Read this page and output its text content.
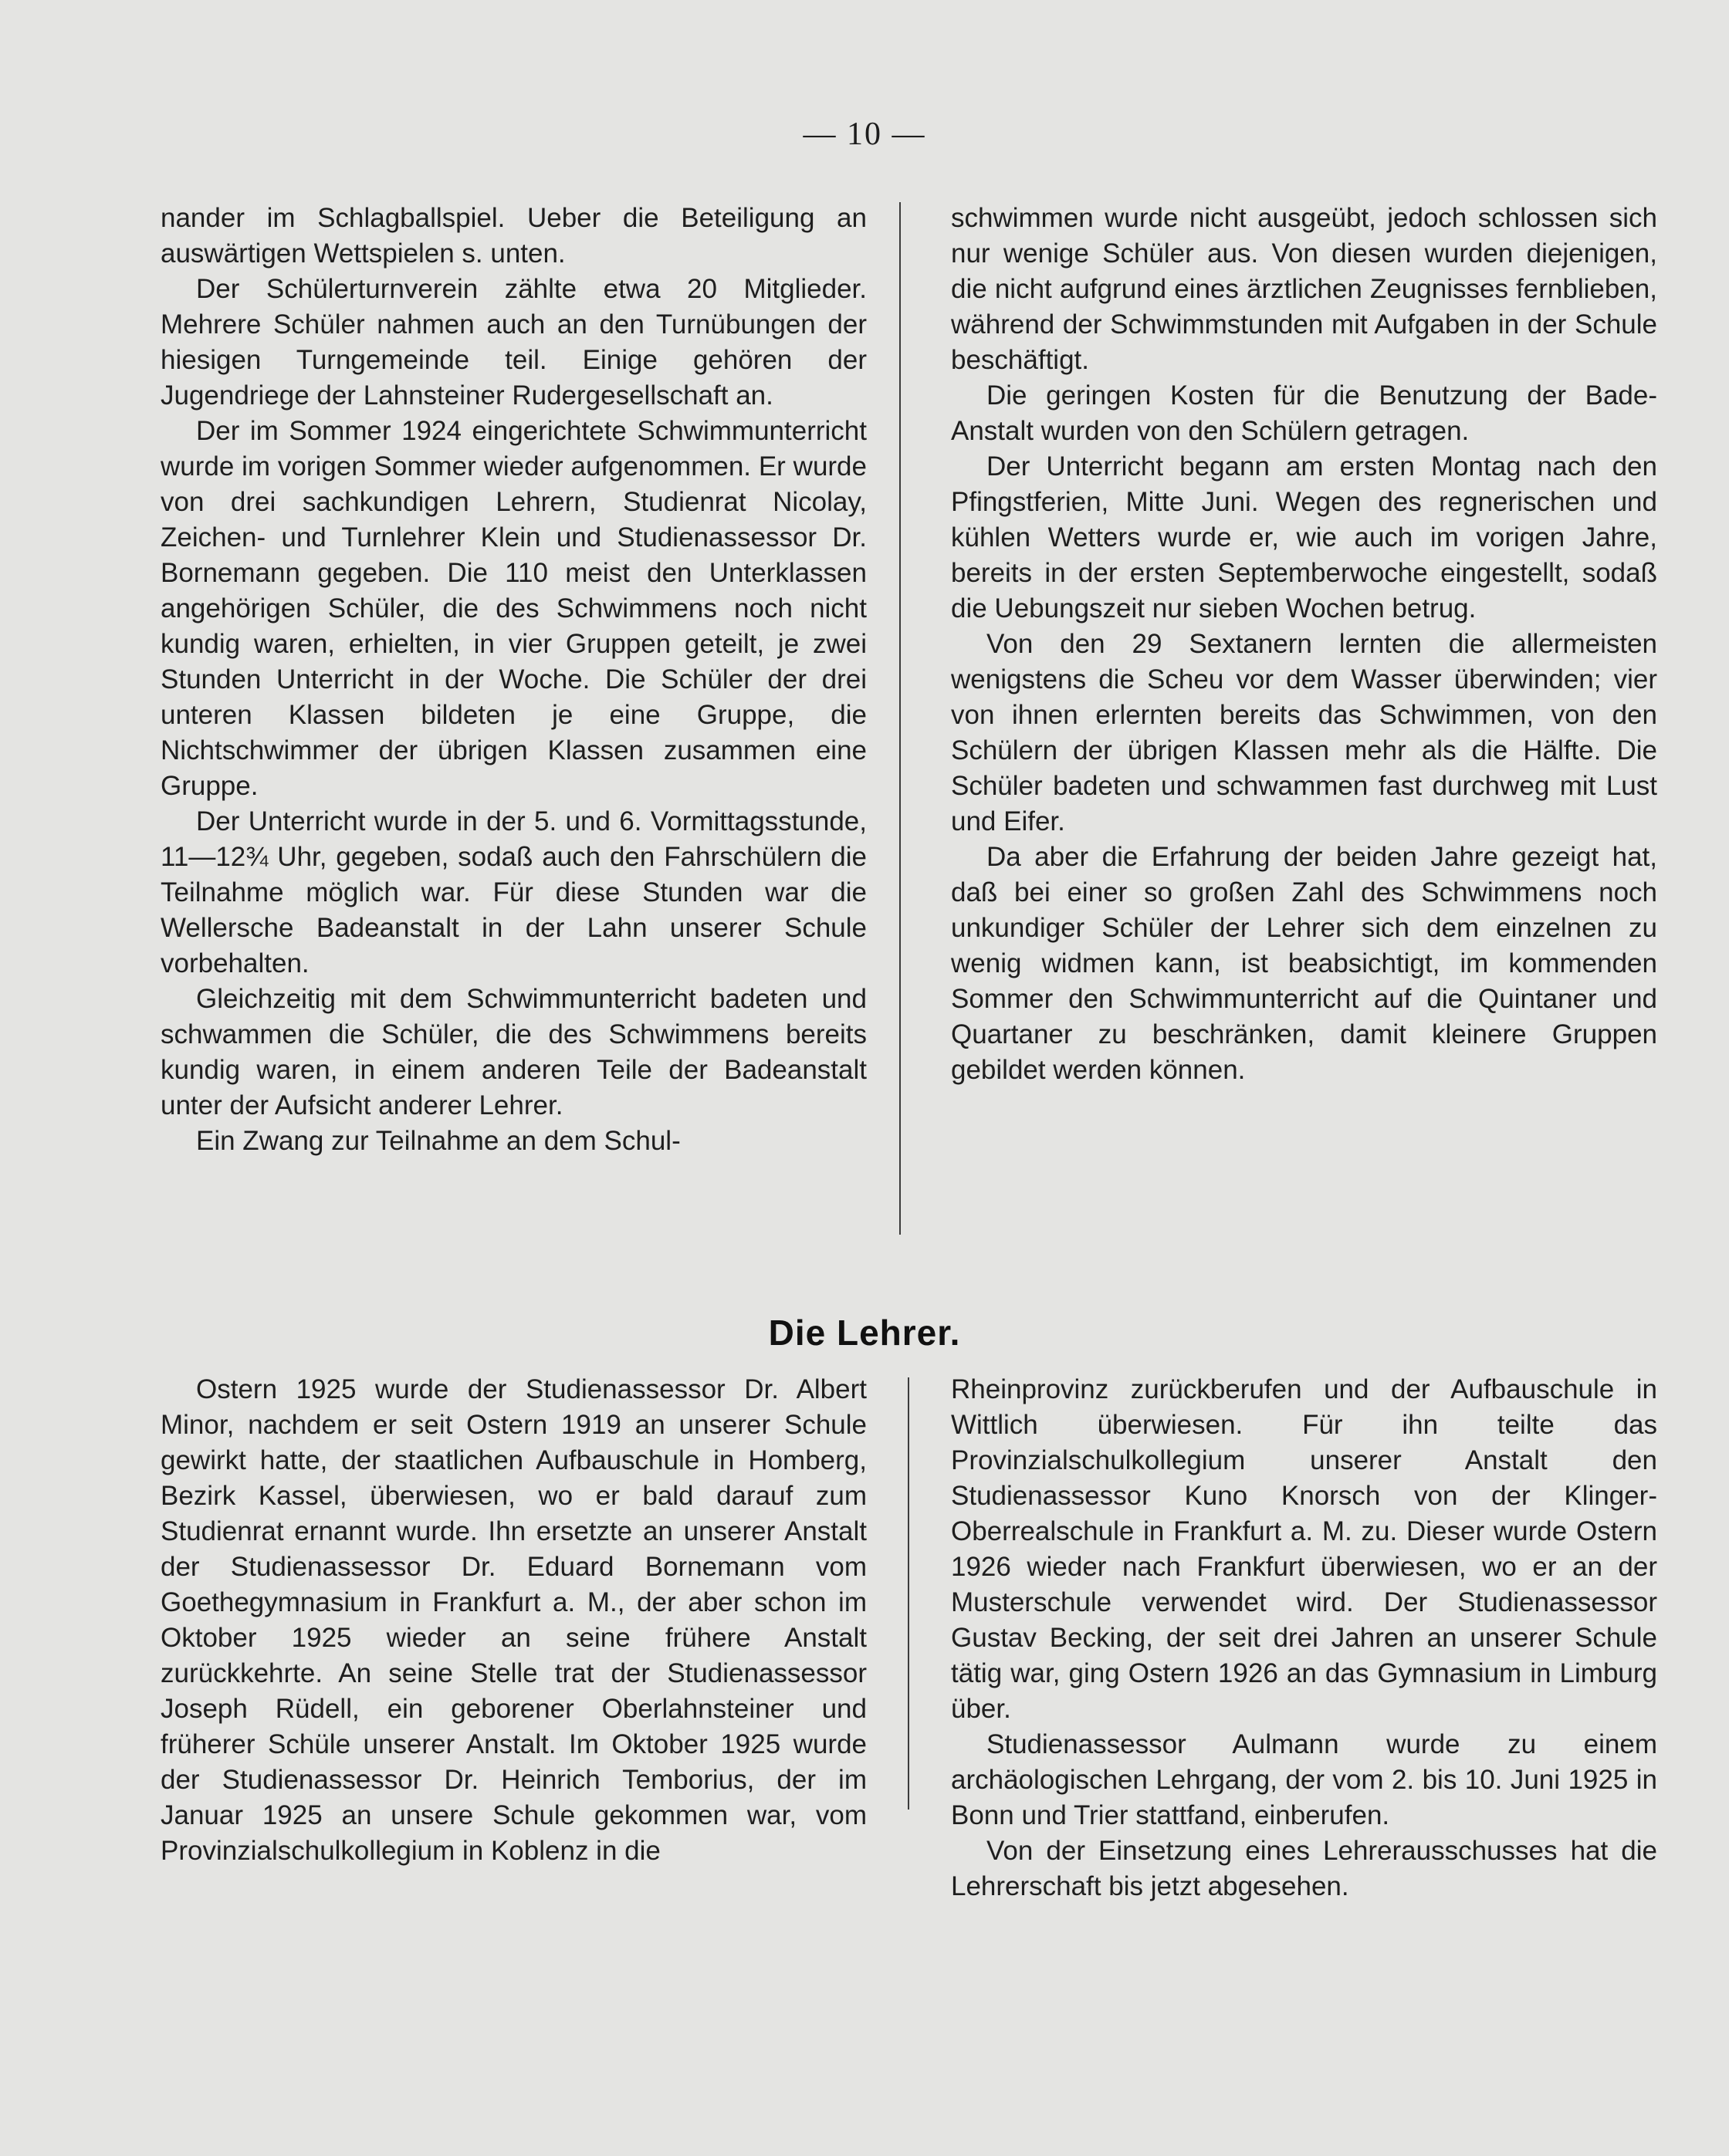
— 10 —

nander im Schlagballspiel. Ueber die Beteiligung an auswärtigen Wettspielen s. unten.

Der Schülerturnverein zählte etwa 20 Mitglieder. Mehrere Schüler nahmen auch an den Turnübungen der hiesigen Turngemeinde teil. Einige gehören der Jugendriege der Lahnsteiner Rudergesellschaft an.

Der im Sommer 1924 eingerichtete Schwimmunterricht wurde im vorigen Sommer wieder aufgenommen. Er wurde von drei sachkundigen Lehrern, Studienrat Nicolay, Zeichen- und Turnlehrer Klein und Studienassessor Dr. Bornemann gegeben. Die 110 meist den Unterklassen angehörigen Schüler, die des Schwimmens noch nicht kundig waren, erhielten, in vier Gruppen geteilt, je zwei Stunden Unterricht in der Woche. Die Schüler der drei unteren Klassen bildeten je eine Gruppe, die Nichtschwimmer der übrigen Klassen zusammen eine Gruppe.

Der Unterricht wurde in der 5. und 6. Vormittagsstunde, 11—12¾ Uhr, gegeben, sodaß auch den Fahrschülern die Teilnahme möglich war. Für diese Stunden war die Wellersche Badeanstalt in der Lahn unserer Schule vorbehalten.

Gleichzeitig mit dem Schwimmunterricht badeten und schwammen die Schüler, die des Schwimmens bereits kundig waren, in einem anderen Teile der Badeanstalt unter der Aufsicht anderer Lehrer.

Ein Zwang zur Teilnahme an dem Schul-

schwimmen wurde nicht ausgeübt, jedoch schlossen sich nur wenige Schüler aus. Von diesen wurden diejenigen, die nicht aufgrund eines ärztlichen Zeugnisses fernblieben, während der Schwimmstunden mit Aufgaben in der Schule beschäftigt.

Die geringen Kosten für die Benutzung der Bade-Anstalt wurden von den Schülern getragen.

Der Unterricht begann am ersten Montag nach den Pfingstferien, Mitte Juni. Wegen des regnerischen und kühlen Wetters wurde er, wie auch im vorigen Jahre, bereits in der ersten Septemberwoche eingestellt, sodaß die Uebungszeit nur sieben Wochen betrug.

Von den 29 Sextanern lernten die allermeisten wenigstens die Scheu vor dem Wasser überwinden; vier von ihnen erlernten bereits das Schwimmen, von den Schülern der übrigen Klassen mehr als die Hälfte. Die Schüler badeten und schwammen fast durchweg mit Lust und Eifer.

Da aber die Erfahrung der beiden Jahre gezeigt hat, daß bei einer so großen Zahl des Schwimmens noch unkundiger Schüler der Lehrer sich dem einzelnen zu wenig widmen kann, ist beabsichtigt, im kommenden Sommer den Schwimmunterricht auf die Quintaner und Quartaner zu beschränken, damit kleinere Gruppen gebildet werden können.

Die Lehrer.

Ostern 1925 wurde der Studienassessor Dr. Albert Minor, nachdem er seit Ostern 1919 an unserer Schule gewirkt hatte, der staatlichen Aufbauschule in Homberg, Bezirk Kassel, überwiesen, wo er bald darauf zum Studienrat ernannt wurde. Ihn ersetzte an unserer Anstalt der Studienassessor Dr. Eduard Bornemann vom Goethegymnasium in Frankfurt a. M., der aber schon im Oktober 1925 wieder an seine frühere Anstalt zurückkehrte. An seine Stelle trat der Studienassessor Joseph Rüdell, ein geborener Oberlahnsteiner und früherer Schüle unserer Anstalt. Im Oktober 1925 wurde der Studienassessor Dr. Heinrich Temborius, der im Januar 1925 an unsere Schule gekommen war, vom Provinzialschulkollegium in Koblenz in die

Rheinprovinz zurückberufen und der Aufbauschule in Wittlich überwiesen. Für ihn teilte das Provinzialschulkollegium unserer Anstalt den Studienassessor Kuno Knorsch von der Klinger-Oberrealschule in Frankfurt a. M. zu. Dieser wurde Ostern 1926 wieder nach Frankfurt überwiesen, wo er an der Musterschule verwendet wird. Der Studienassessor Gustav Becking, der seit drei Jahren an unserer Schule tätig war, ging Ostern 1926 an das Gymnasium in Limburg über.

Studienassessor Aulmann wurde zu einem archäologischen Lehrgang, der vom 2. bis 10. Juni 1925 in Bonn und Trier stattfand, einberufen.

Von der Einsetzung eines Lehrerausschusses hat die Lehrerschaft bis jetzt abgesehen.
